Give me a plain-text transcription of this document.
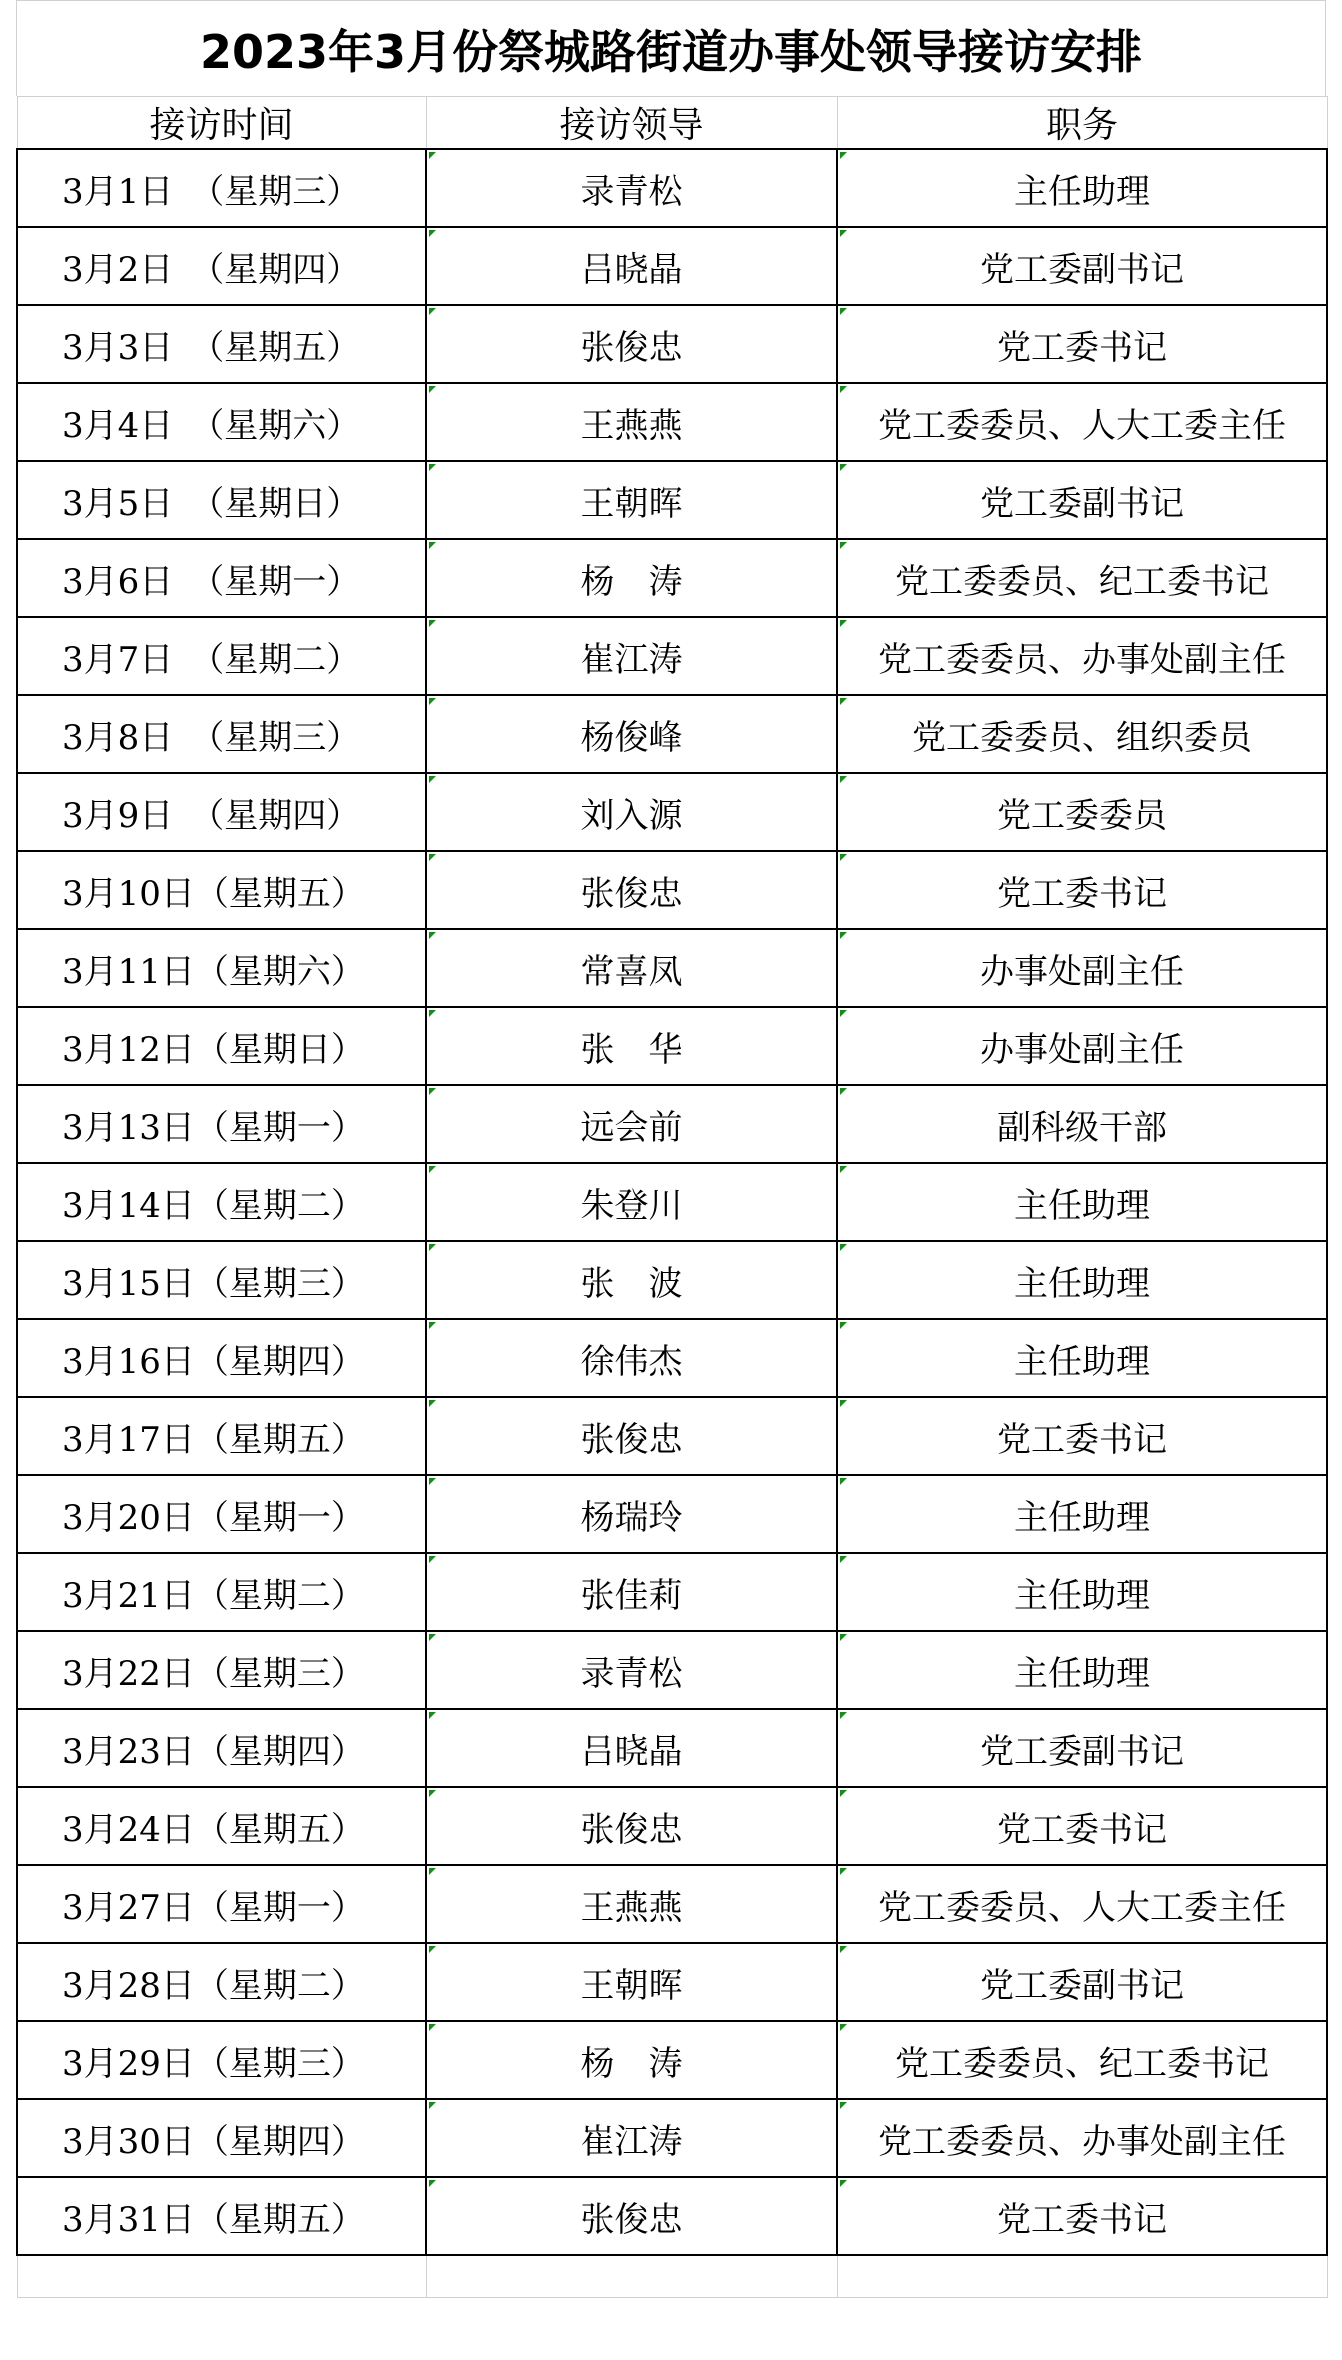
2023年3月份祭城路街道办事处领导接访安排
接访时间	接访领导	职务
3月1日　（星期三）	录青松	主任助理

3月2日　（星期四）	吕晓晶	党工委副书记

3月3日　（星期五）	张俊忠	党工委书记

3月4日　（星期六）	王燕燕	党工委委员、人大工委主任

3月5日　（星期日）	王朝晖	党工委副书记

3月6日　（星期一）	杨　涛	党工委委员、纪工委书记

3月7日　（星期二）	崔江涛	党工委委员、办事处副主任

3月8日　（星期三）	杨俊峰	党工委委员、组织委员

3月9日　（星期四）	刘入源	党工委委员

3月10日（星期五）	张俊忠	党工委书记

3月11日（星期六）	常喜凤	办事处副主任

3月12日（星期日）	张　华	办事处副主任

3月13日（星期一）	远会前	副科级干部

3月14日（星期二）	朱登川	主任助理

3月15日（星期三）	张　波	主任助理

3月16日（星期四）	徐伟杰	主任助理

3月17日（星期五）	张俊忠	党工委书记

3月20日（星期一）	杨瑞玲	主任助理

3月21日（星期二）	张佳莉	主任助理

3月22日（星期三）	录青松	主任助理

3月23日（星期四）	吕晓晶	党工委副书记

3月24日（星期五）	张俊忠	党工委书记

3月27日（星期一）	王燕燕	党工委委员、人大工委主任

3月28日（星期二）	王朝晖	党工委副书记

3月29日（星期三）	杨　涛	党工委委员、纪工委书记

3月30日（星期四）	崔江涛	党工委委员、办事处副主任

3月31日（星期五）	张俊忠	党工委书记
